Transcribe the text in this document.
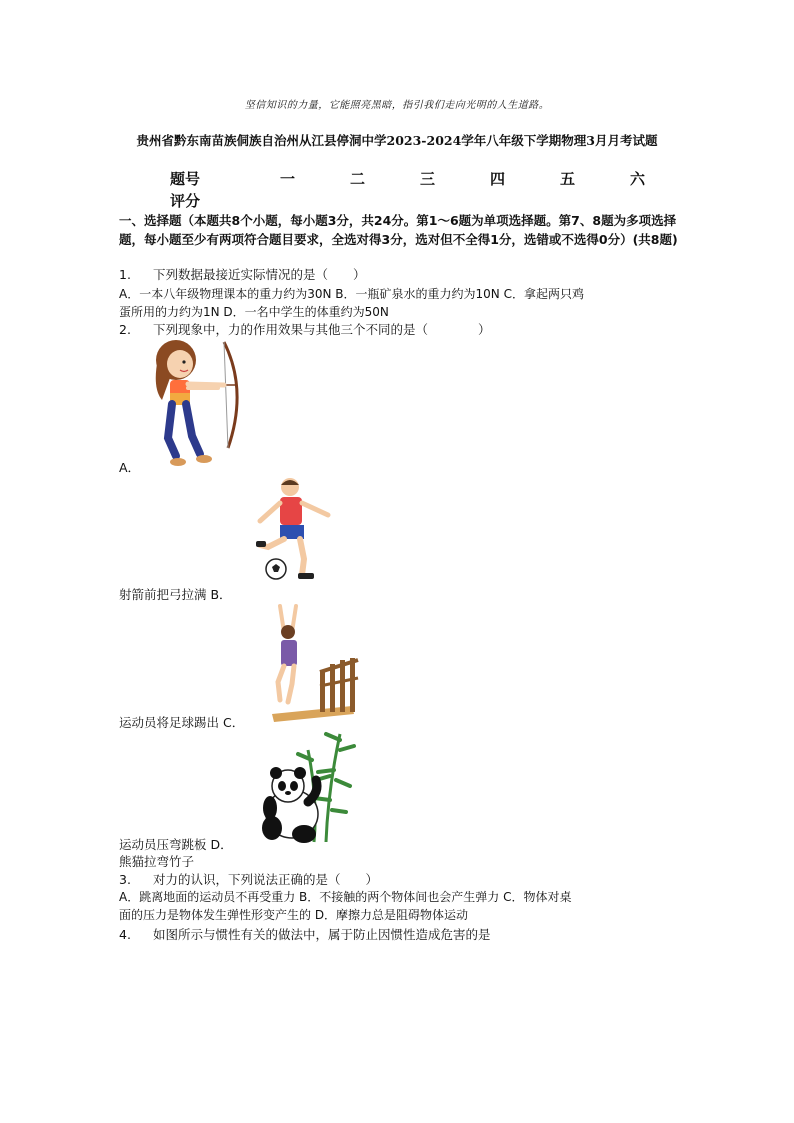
坚信知识的力量，它能照亮黑暗，指引我们走向光明的人生道路。
贵州省黔东南苗族侗族自治州从江县停洞中学2023-2024学年八年级下学期物理3月月考试题
题号	一	二	三	四	五	六
评分
一、选择题（本题共8个小题，每小题3分，共24分。第1～6题为单项选择题。第7、8题为多项选择题，每小题至少有两项符合题目要求，全选对得3分，选对但不全得1分，选错或不选得0分）(共8题)
1. 下列数据最接近实际情况的是（　　）
A．一本八年级物理课本的重力约为30N B．一瓶矿泉水的重力约为10N C．拿起两只鸡
蛋所用的力约为1N D．一名中学生的体重约为50N
2. 下列现象中，力的作用效果与其他三个不同的是（　　　　）
A．
射箭前把弓拉满 B．
运动员将足球踢出 C．
运动员压弯跳板 D．
熊猫拉弯竹子
3. 对力的认识，下列说法正确的是（　　）
A．跳离地面的运动员不再受重力 B．不接触的两个物体间也会产生弹力 C．物体对桌
面的压力是物体发生弹性形变产生的 D．摩擦力总是阻碍物体运动
4. 如图所示与惯性有关的做法中，属于防止因惯性造成危害的是
